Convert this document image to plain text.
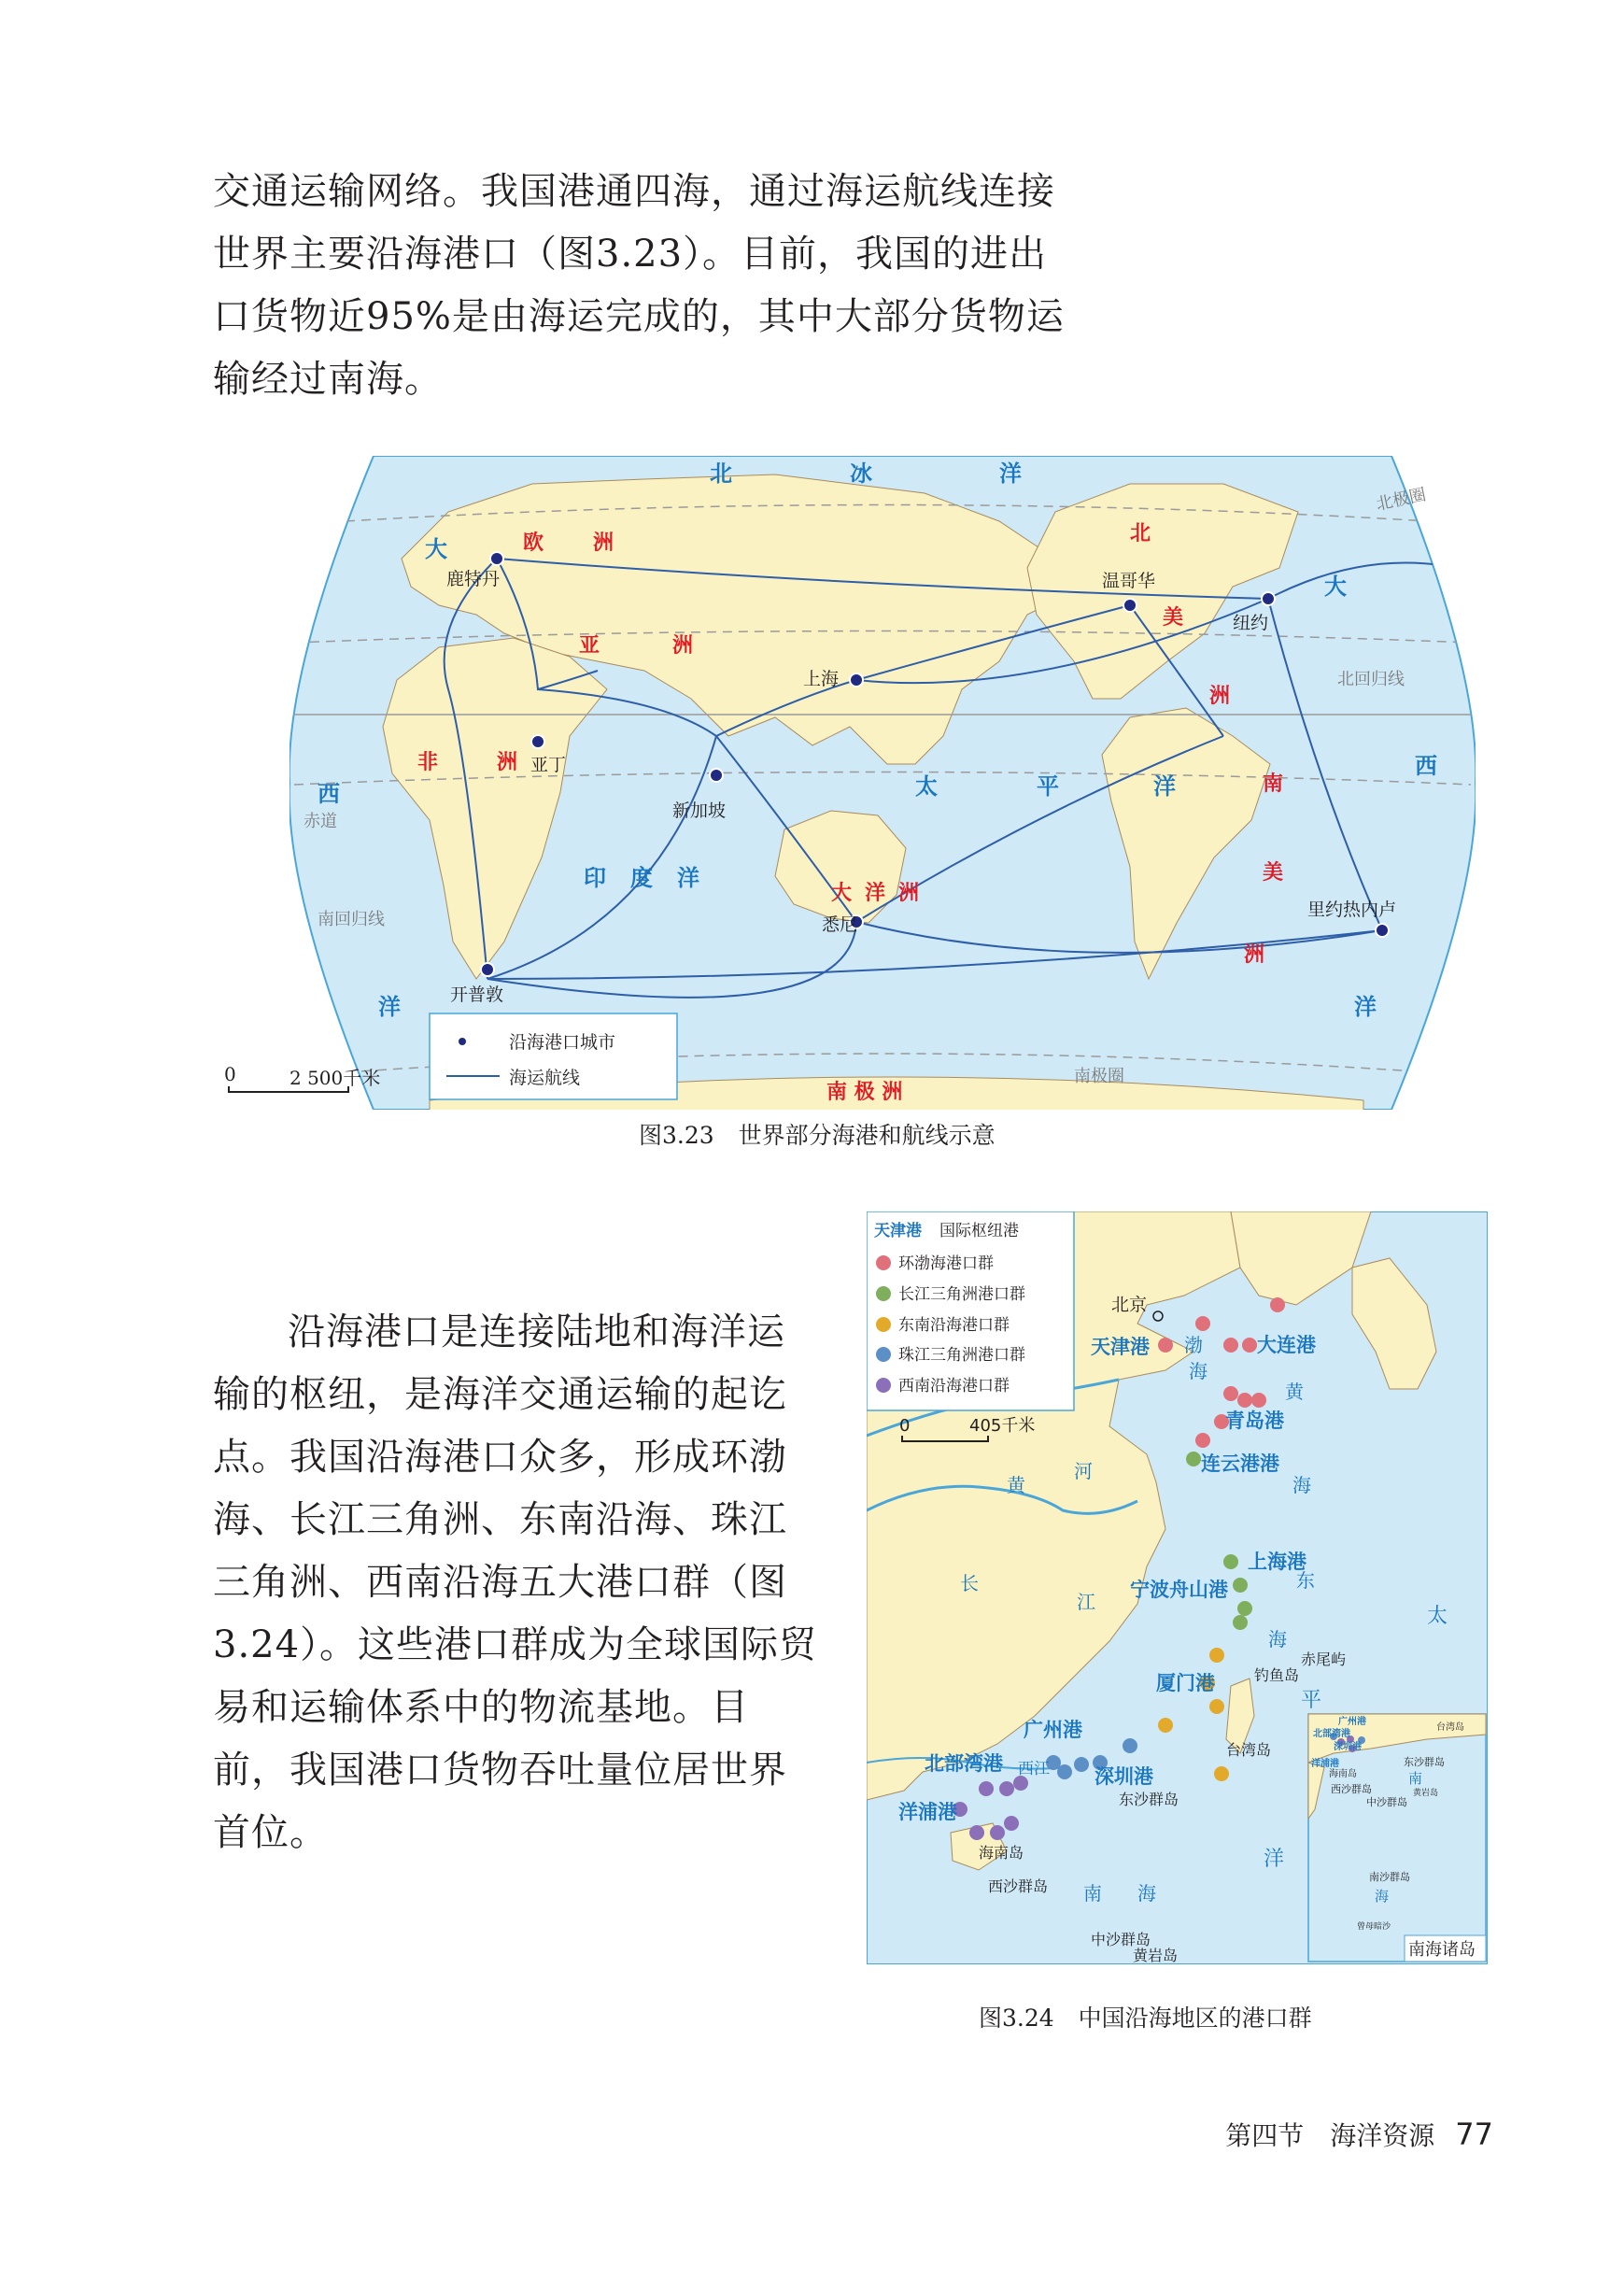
交通运输网络。我国港通四海，通过海运航线连接世界主要沿海港口（图3.23）。目前，我国的进出口货物近95%是由海运完成的，其中大部分货物运输经过南海。

鹿特丹	温哥华
纽约
上海
亚丁
新加坡
悉尼
开普敦
里约热内卢
北	冰	洋
太	平	洋
印 度 洋
大
西
洋
大
西
洋
欧 洲
亚	洲
非	洲
北
美
洲
南
美
洲
大 洋 洲
南 极 洲
北极圈
北回归线
赤道
南回归线
南极圈
沿海港口城市
海运航线
0	2 500千米
图3.23 世界部分海港和航线示意

沿海港口是连接陆地和海洋运输的枢纽，是海洋交通运输的起讫点。我国沿海港口众多，形成环渤海、长江三角洲、东南沿海、珠江三角洲、西南沿海五大港口群（图3.24）。这些港口群成为全球国际贸易和运输体系中的物流基地。目前，我国港口货物吞吐量位居世界首位。

天津港 国际枢纽港
环渤海港口群
长江三角洲港口群
东南沿海港口群
珠江三角洲港口群
西南沿海港口群
0	405千米
天津港	大连港
青岛港
连云港港
上海港
宁波舟山港
厦门港
广州港
深圳港
北部湾港
洋浦港
北京
台湾岛
赤尾屿
钓鱼岛
东沙群岛
海南岛
西沙群岛
中沙群岛
黄岩岛
渤
海
黄
海
东
海
南 海
太
平
洋
黄
河
长
江
西江
广州港
北部湾港
深圳港
台湾岛
洋浦港
海南岛
东沙群岛
西沙群岛
中沙群岛
黄岩岛
南沙群岛
曾母暗沙
南
海
南海诸岛
图3.24 中国沿海地区的港口群
第四节　海洋资源 77
